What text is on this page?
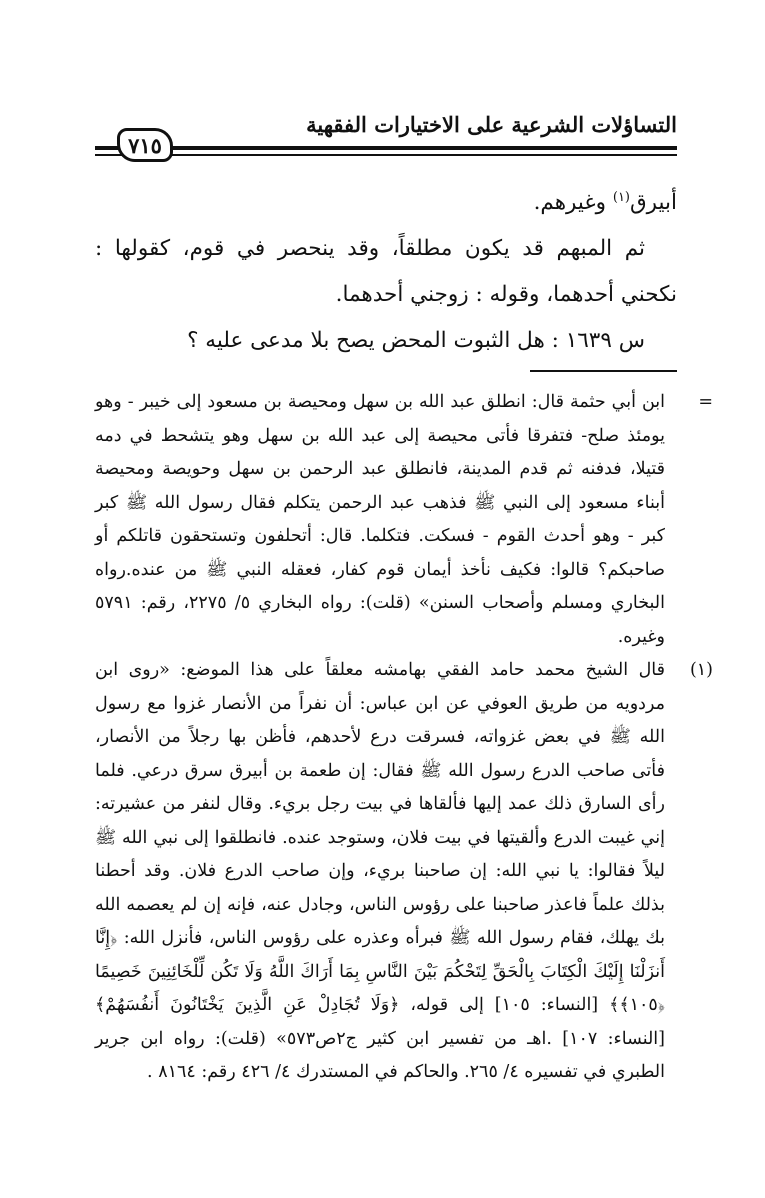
التساؤلات الشرعية على الاختيارات الفقهية
٧١٥

أبيرق$^{(١)}$ وغيرهم.

ثم المبهم قد يكون مطلقاً، وقد ينحصر في قوم، كقولها : نكحني أحدهما، وقوله : زوجني أحدهما.

س ١٦٣٩ : هل الثبوت المحض يصح بلا مدعى عليه ؟

=

ابن أبي حثمة قال: انطلق عبد الله بن سهل ومحيصة بن مسعود إلى خيبر - وهو يومئذ صلح- فتفرقا فأتى محيصة إلى عبد الله بن سهل وهو يتشحط في دمه قتيلا، فدفنه ثم قدم المدينة، فانطلق عبد الرحمن بن سهل وحويصة ومحيصة أبناء مسعود إلى النبي ﷺ فذهب عبد الرحمن يتكلم فقال رسول الله ﷺ كبر كبر - وهو أحدث القوم - فسكت. فتكلما. قال: أتحلفون وتستحقون قاتلكم أو صاحبكم؟ قالوا: فكيف نأخذ أيمان قوم كفار، فعقله النبي ﷺ من عنده.رواه البخاري ومسلم وأصحاب السنن» (قلت): رواه البخاري ٥/ ٢٢٧٥، رقم: ٥٧٩١ وغيره.

(١)

قال الشيخ محمد حامد الفقي بهامشه معلقاً على هذا الموضع: «روى ابن مردويه من طريق العوفي عن ابن عباس: أن نفراً من الأنصار غزوا مع رسول الله ﷺ في بعض غزواته، فسرقت درع لأحدهم، فأظن بها رجلاً من الأنصار، فأتى صاحب الدرع رسول الله ﷺ فقال: إن طعمة بن أبيرق سرق درعي. فلما رأى السارق ذلك عمد إليها فألقاها في بيت رجل بريء. وقال لنفر من عشيرته: إني غيبت الدرع وألقيتها في بيت فلان، وستوجد عنده. فانطلقوا إلى نبي الله ﷺ ليلاً فقالوا: يا نبي الله: إن صاحبنا بريء، وإن صاحب الدرع فلان. وقد أحطنا بذلك علماً فاعذر صاحبنا على رؤوس الناس، وجادل عنه، فإنه إن لم يعصمه الله بك يهلك، فقام رسول الله ﷺ فبرأه وعذره على رؤوس الناس، فأنزل الله: ﴿إِنَّا أَنزَلْنَا إِلَيْكَ الْكِتَابَ بِالْحَقِّ لِتَحْكُمَ بَيْنَ النَّاسِ بِمَا أَرَاكَ اللَّهُ وَلَا تَكُن لِّلْخَائِنِينَ خَصِيمًا ﴿١٠٥﴾﴾ [النساء: ١٠٥] إلى قوله، ﴿وَلَا تُجَادِلْ عَنِ الَّذِينَ يَخْتَانُونَ أَنفُسَهُمْ﴾ [النساء: ١٠٧] .اهـ من تفسير ابن كثير ج٢ص٥٧٣» (قلت): رواه ابن جرير الطبري في تفسيره ٤/ ٢٦٥. والحاكم في المستدرك ٤/ ٤٢٦ رقم: ٨١٦٤ .
